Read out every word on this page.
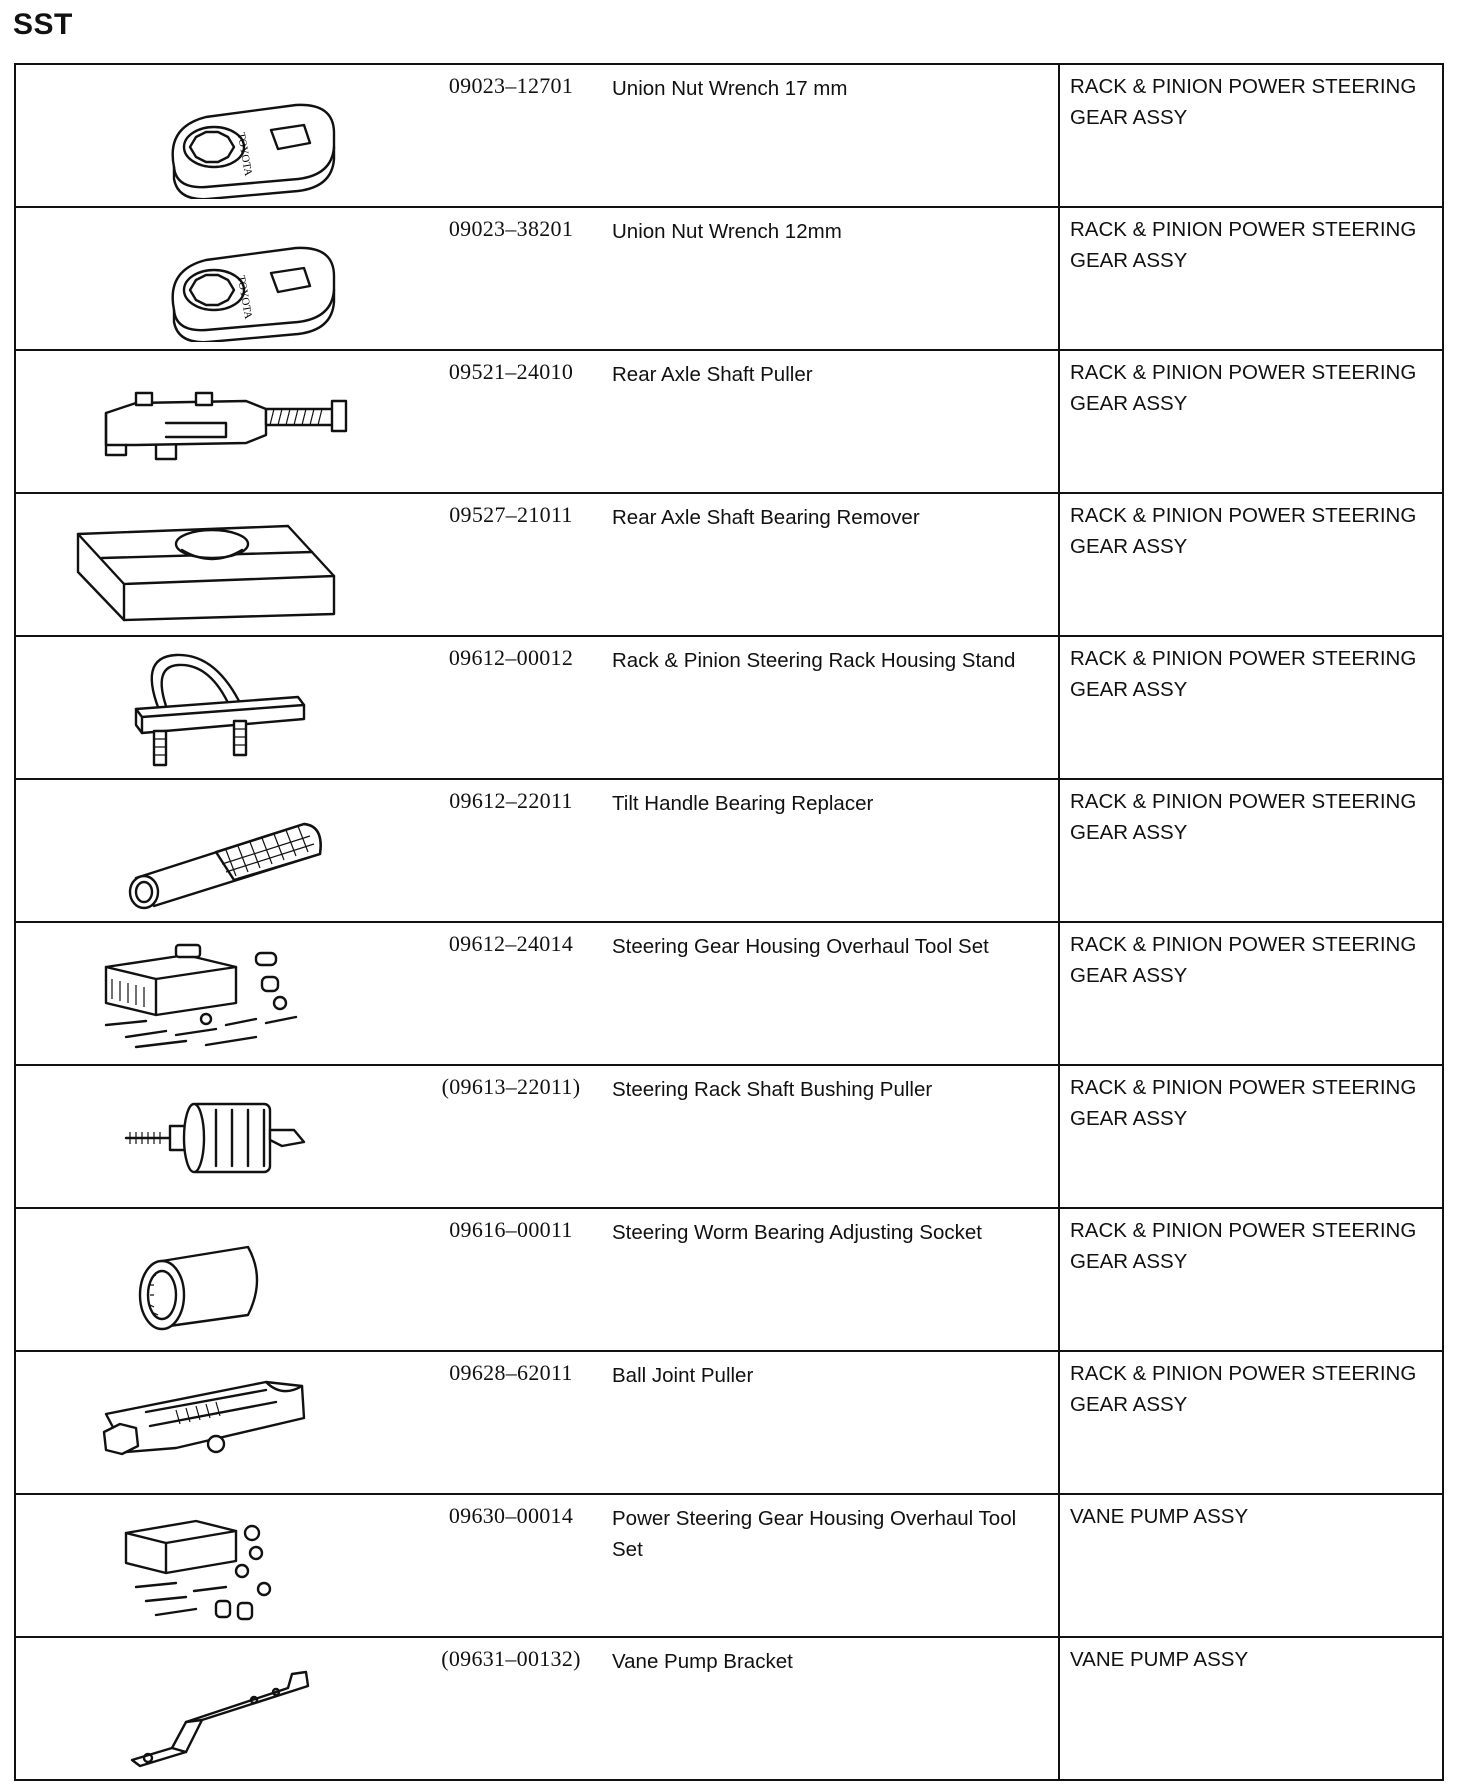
SST
09023–12701 Union Nut Wrench 17 mm	RACK & PINION POWER STEERING GEAR ASSY

09023–38201 Union Nut Wrench 12mm	RACK & PINION POWER STEERING GEAR ASSY

09521–24010 Rear Axle Shaft Puller	RACK & PINION POWER STEERING GEAR ASSY

09527–21011 Rear Axle Shaft Bearing Remover	RACK & PINION POWER STEERING GEAR ASSY

09612–00012 Rack & Pinion Steering Rack Housing Stand	RACK & PINION POWER STEERING GEAR ASSY

09612–22011 Tilt Handle Bearing Replacer	RACK & PINION POWER STEERING GEAR ASSY

09612–24014 Steering Gear Housing Overhaul Tool Set	RACK & PINION POWER STEERING GEAR ASSY

(09613–22011) Steering Rack Shaft Bushing Puller	RACK & PINION POWER STEERING GEAR ASSY

09616–00011 Steering Worm Bearing Adjusting Socket	RACK & PINION POWER STEERING GEAR ASSY

09628–62011 Ball Joint Puller	RACK & PINION POWER STEERING GEAR ASSY

09630–00014 Power Steering Gear Housing Overhaul Tool Set	VANE PUMP ASSY

(09631–00132) Vane Pump Bracket	VANE PUMP ASSY
